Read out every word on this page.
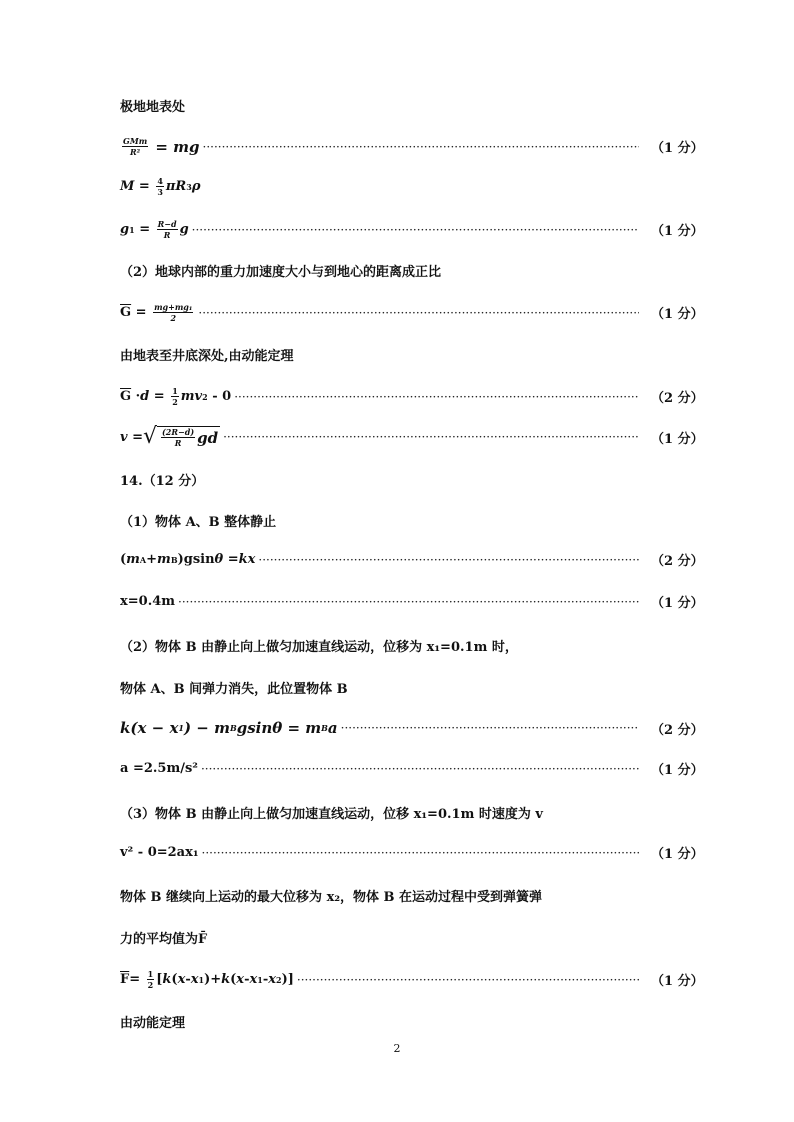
极地地表处
$\frac{\text{GMm}}{\text{R²}}$ = mg ·····	（1 分）
$M = \frac{4}{3}$ πR 3 ρ
g $1 = \frac{R-d}{R}$ g ·····	（1 分）
（2）地球内部的重力加速度大小与到地心的距离成正比
$\overline{G} = \frac{\text{mg+mg₁}}{2}$ ·····	（1 分）
由地表至井底深处,由动能定理
$\overline{G} \cdot d = \frac{1}{2}$ mv 2 - 0 ·····	（2 分）
v = √ $\frac{(2R-d)}{R}$ gd ·····	（1 分）
14.（12 分）
（1）物体 A、B 整体静止
( m A + m B ) g sin θ = kx ·····	（2 分）
x=0.4m ·····	（1 分）
（2）物体 B 由静止向上做匀加速直线运动，位移为 x₁=0.1m 时，
物体 A、B 间弹力消失，此位置物体 B
k(x − x 1 ) − m B gsinθ = m B a ·····	（2 分）
a =2.5m/s² ·····	（1 分）
（3）物体 B 由静止向上做匀加速直线运动，位移 x₁=0.1m 时速度为 v
v² - 0=2ax₁ ·····	（1 分）
物体 B 继续向上运动的最大位移为 x₂，物体 B 在运动过程中受到弹簧弹
力的平均值为F̄
$\overline{F} = \frac{1}{2}$ [ k ( x - x 1 )+ k ( x - x 1 - x 2 )] ·····	（1 分）
由动能定理
2
